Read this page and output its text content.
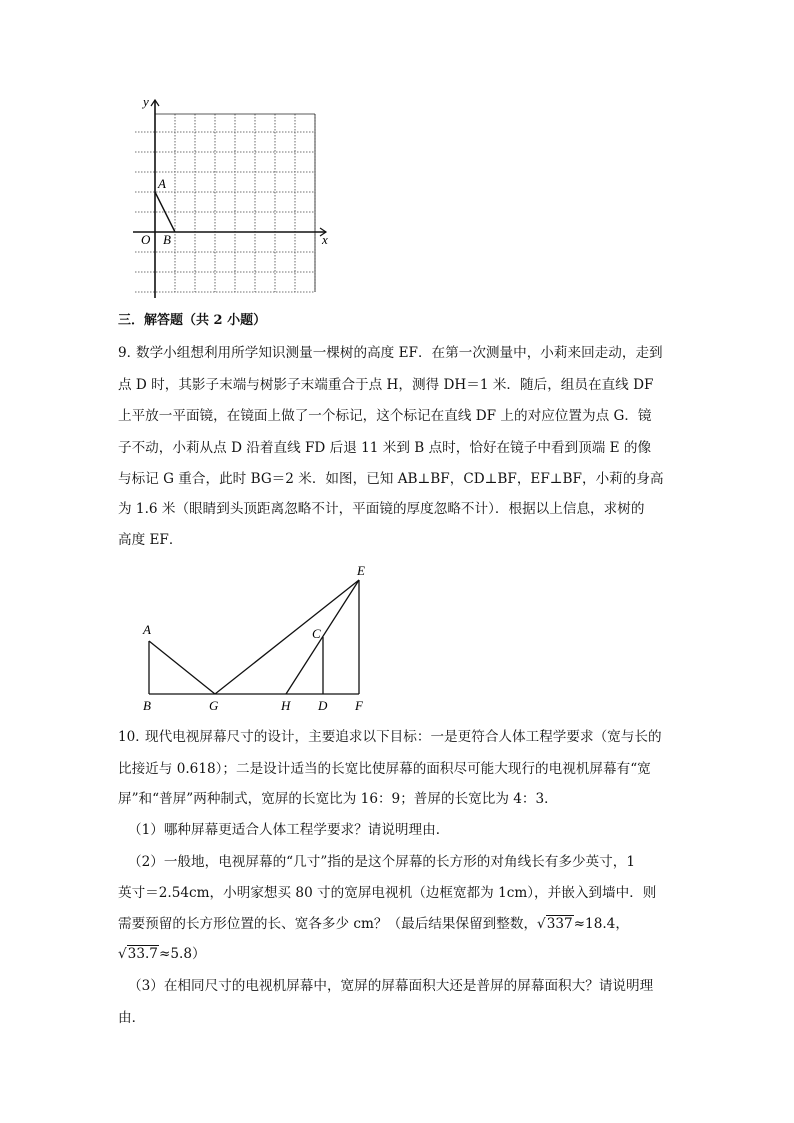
y
x
O
A
B
三．解答题（共 2 小题）
9．
数学小组想利用所学知识测量一棵树的高度 EF．在第一次测量中，小莉来回走动，走到
点 D 时，其影子末端与树影子末端重合于点 H，测得 DH＝1 米．随后，组员在直线 DF
上平放一平面镜，在镜面上做了一个标记，这个标记在直线 DF 上的对应位置为点 G．镜
子不动，小莉从点 D 沿着直线 FD 后退 11 米到 B 点时，恰好在镜子中看到顶端 E 的像
与标记 G 重合，此时 BG＝2 米．如图，已知 AB⊥BF，CD⊥BF，EF⊥BF，小莉的身高
为 1.6 米（眼睛到头顶距离忽略不计，平面镜的厚度忽略不计）．根据以上信息，求树的
高度 EF．
A
B	G	H D F
C
E
10．
现代电视屏幕尺寸的设计，主要追求以下目标：一是更符合人体工程学要求（宽与长的
比接近与 0.618）；二是设计适当的长宽比使屏幕的面积尽可能大现行的电视机屏幕有“宽
屏”和“普屏”两种制式，宽屏的长宽比为 16：9；普屏的长宽比为 4：3．
（1）哪种屏幕更适合人体工程学要求？请说明理由．
（2）一般地，电视屏幕的“几寸”指的是这个屏幕的长方形的对角线长有多少英寸，1
英寸＝2.54cm，小明家想买 80 寸的宽屏电视机（边框宽都为 1cm），并嵌入到墙中．则
需要预留的长方形位置的长、宽各多少 cm？（最后结果保留到整数，√337≈18.4，
√33.7≈5.8）
（3）在相同尺寸的电视机屏幕中，宽屏的屏幕面积大还是普屏的屏幕面积大？请说明理
由．
